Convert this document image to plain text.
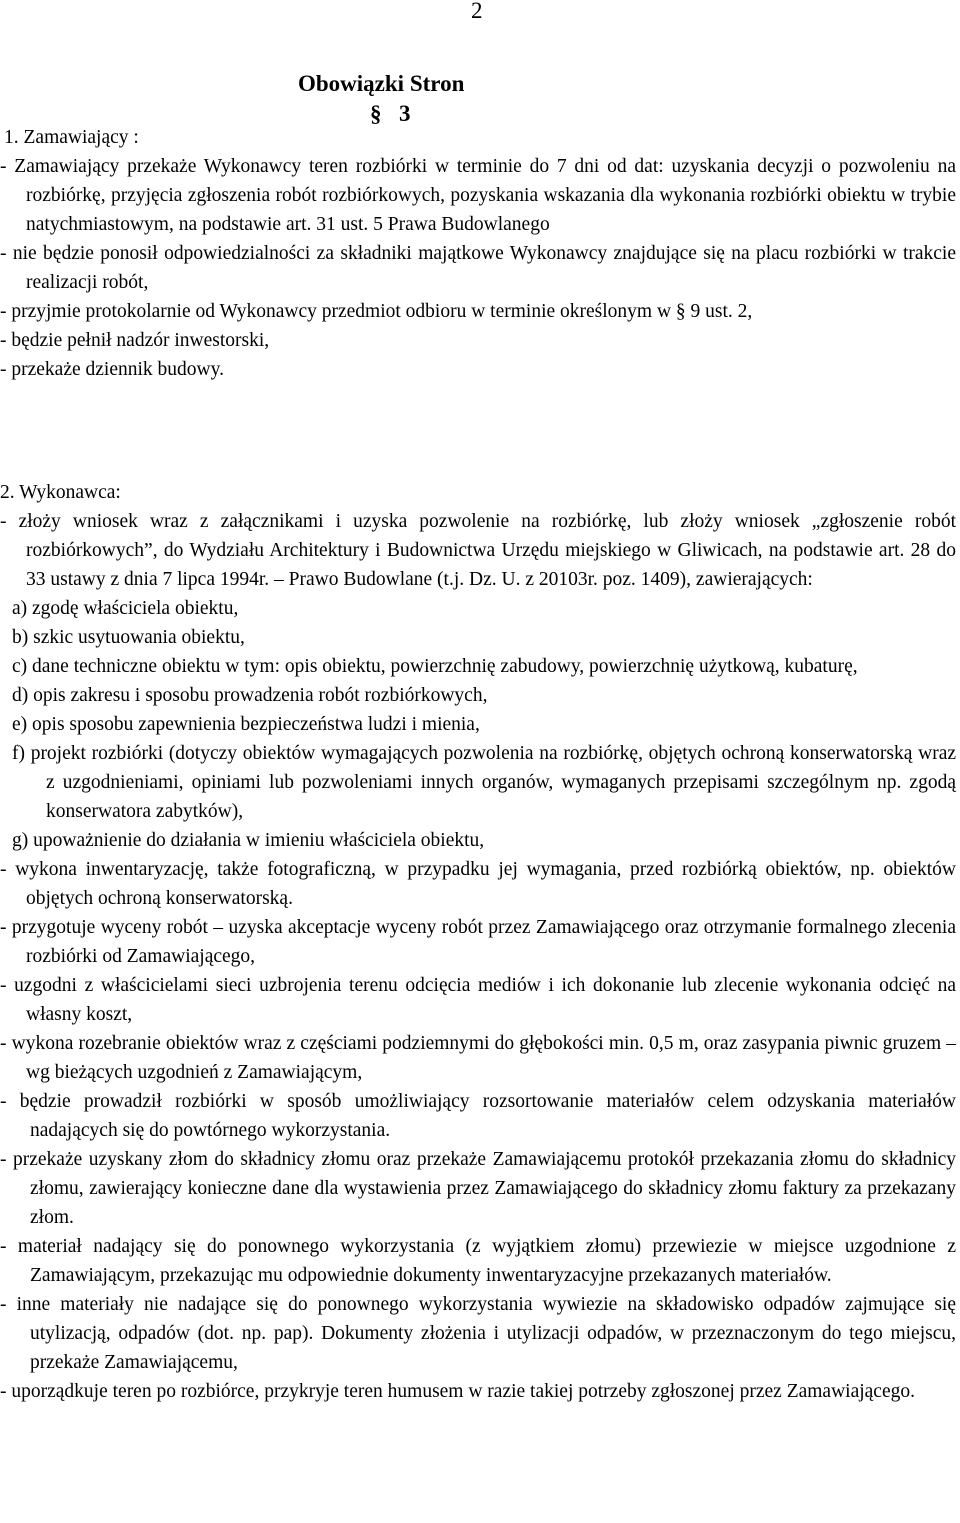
2
Obowiązki Stron
§ 3

1. Zamawiający :

- Zamawiający przekaże Wykonawcy teren rozbiórki w terminie do 7 dni od dat: uzyskania decyzji o pozwoleniu na rozbiórkę, przyjęcia zgłoszenia robót rozbiórkowych, pozyskania wskazania dla wykonania rozbiórki obiektu w trybie natychmiastowym, na podstawie art. 31 ust. 5 Prawa Budowlanego

- nie będzie ponosił odpowiedzialności za składniki majątkowe Wykonawcy znajdujące się na placu rozbiórki w trakcie realizacji robót,

- przyjmie protokolarnie od Wykonawcy przedmiot odbioru w terminie określonym w § 9 ust. 2,

- będzie pełnił nadzór inwestorski,

- przekaże dziennik budowy.

2. Wykonawca:

- złoży wniosek wraz z załącznikami i uzyska pozwolenie na rozbiórkę, lub złoży wniosek „zgłoszenie robót rozbiórkowych”, do Wydziału Architektury i Budownictwa Urzędu miejskiego w Gliwicach, na podstawie art. 28 do 33 ustawy z dnia 7 lipca 1994r. – Prawo Budowlane (t.j. Dz. U. z 20103r. poz. 1409), zawierających:

a) zgodę właściciela obiektu,

b) szkic usytuowania obiektu,

c) dane techniczne obiektu w tym: opis obiektu, powierzchnię zabudowy, powierzchnię użytkową, kubaturę,

d) opis zakresu i sposobu prowadzenia robót rozbiórkowych,

e) opis sposobu zapewnienia bezpieczeństwa ludzi i mienia,

f) projekt rozbiórki (dotyczy obiektów wymagających pozwolenia na rozbiórkę, objętych ochroną konserwatorską wraz z uzgodnieniami, opiniami lub pozwoleniami innych organów, wymaganych przepisami szczególnym np. zgodą konserwatora zabytków),

g) upoważnienie do działania w imieniu właściciela obiektu,

- wykona inwentaryzację, także fotograficzną, w przypadku jej wymagania, przed rozbiórką obiektów, np. obiektów objętych ochroną konserwatorską.

- przygotuje wyceny robót – uzyska akceptacje wyceny robót przez Zamawiającego oraz otrzymanie formalnego zlecenia rozbiórki od Zamawiającego,

- uzgodni z właścicielami sieci uzbrojenia terenu odcięcia mediów i ich dokonanie lub zlecenie wykonania odcięć na własny koszt,

- wykona rozebranie obiektów wraz z częściami podziemnymi do głębokości min. 0,5 m, oraz zasypania piwnic gruzem – wg bieżących uzgodnień z Zamawiającym,

- będzie prowadził rozbiórki w sposób umożliwiający rozsortowanie materiałów celem odzyskania materiałów nadających się do powtórnego wykorzystania.

- przekaże uzyskany złom do składnicy złomu oraz przekaże Zamawiającemu protokół przekazania złomu do składnicy złomu, zawierający konieczne dane dla wystawienia przez Zamawiającego do składnicy złomu faktury za przekazany złom.

- materiał nadający się do ponownego wykorzystania (z wyjątkiem złomu) przewiezie w miejsce uzgodnione z Zamawiającym, przekazując mu odpowiednie dokumenty inwentaryzacyjne przekazanych materiałów.

- inne materiały nie nadające się do ponownego wykorzystania wywiezie na składowisko odpadów zajmujące się utylizacją, odpadów (dot. np. pap). Dokumenty złożenia i utylizacji odpadów, w przeznaczonym do tego miejscu, przekaże Zamawiającemu,

- uporządkuje teren po rozbiórce, przykryje teren humusem w razie takiej potrzeby zgłoszonej przez Zamawiającego.
